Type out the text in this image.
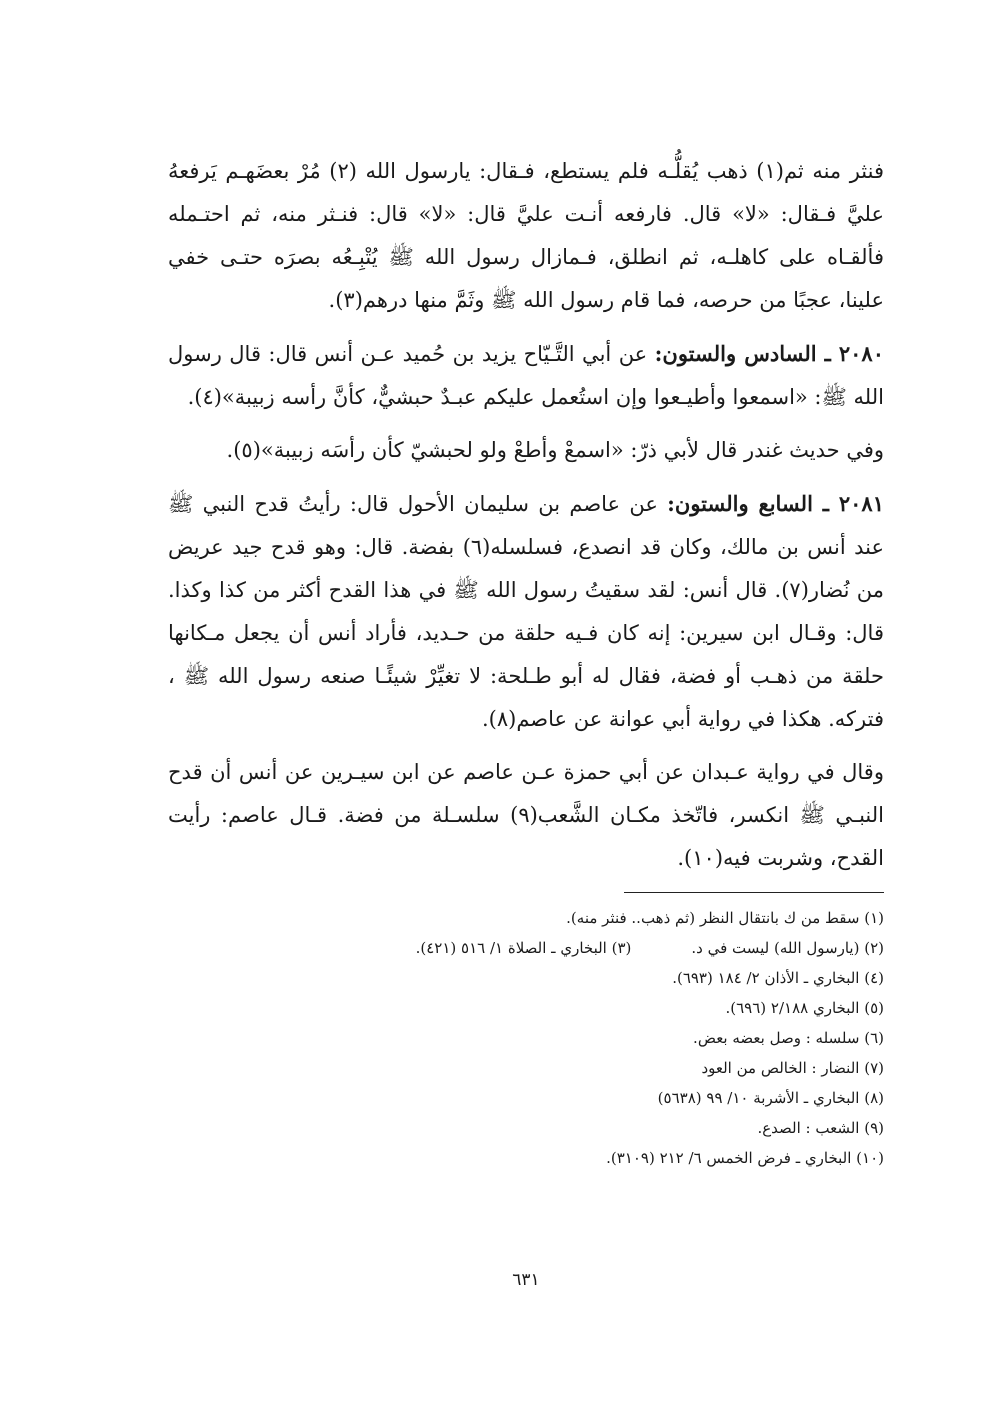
فنثر منه ثم(١) ذهب يُقلُّـه فلم يستطع، فـقال: يارسول الله (٢) مُرْ بعضَهـم يَرفعهُ عليَّ فـقال: «لا» قال. فارفعه أنـت عليَّ قال: «لا» قال: فنـثر منه، ثم احتـمله فألقـاه على كاهلـه، ثم انطلق، فـمازال رسول الله ﷺ يُتْبِـعُه بصرَه حتـى خفي علينا، عجبًا من حرصه، فما قام رسول الله ﷺ وثَمَّ منها درهم(٣).

٢٠٨٠ ـ السادس والستون: عن أبي التَّـيّاح يزيد بن حُميد عـن أنس قال: قال رسول الله ﷺ: «اسمعوا وأطيـعوا وإن استُعمل عليكم عبـدٌ حبشيٌّ، كأنَّ رأسه زبيبة»(٤).

وفي حديث غندر قال لأبي ذرّ: «اسمعْ وأطعْ ولو لحبشيّ كأن رأسَه زبيبة»(٥).

٢٠٨١ ـ السابع والستون: عن عاصم بن سليمان الأحول قال: رأيتُ قدح النبي ﷺ عند أنس بن مالك، وكان قد انصدع، فسلسله(٦) بفضة. قال: وهو قدح جيد عريض من نُضار(٧). قال أنس: لقد سقيتُ رسول الله ﷺ في هذا القدح أكثر من كذا وكذا. قال: وقـال ابن سيرين: إنه كان فـيه حلقة من حـديد، فأراد أنس أن يجعل مـكانها حلقة من ذهـب أو فضة، فقال له أبو طـلحة: لا تغيِّرْ شيئًـا صنعه رسول الله ﷺ ، فتركه. هكذا في رواية أبي عوانة عن عاصم(٨).

وقال في رواية عـبدان عن أبي حمزة عـن عاصم عن ابن سيـرين عن أنس أن قدح النبـي ﷺ انكسر، فاتّخذ مكـان الشَّعب(٩) سلسـلة من فضة. قـال عاصم: رأيت القدح، وشربت فيه(١٠).

(١) سقط من ك بانتقال النظر (ثم ذهب.. فنثر منه).
(٢) (يارسول الله) ليست في د.
(٣) البخاري ـ الصلاة ١/ ٥١٦ (٤٢١).
(٤) البخاري ـ الأذان ٢/ ١٨٤ (٦٩٣).
(٥) البخاري ٢/١٨٨ (٦٩٦).
(٦) سلسله : وصل بعضه بعض.
(٧) النضار : الخالص من العود
(٨) البخاري ـ الأشربة ١٠/ ٩٩ (٥٦٣٨)
(٩) الشعب : الصدع.
(١٠) البخاري ـ فرض الخمس ٦/ ٢١٢ (٣١٠٩).
٦٣١
